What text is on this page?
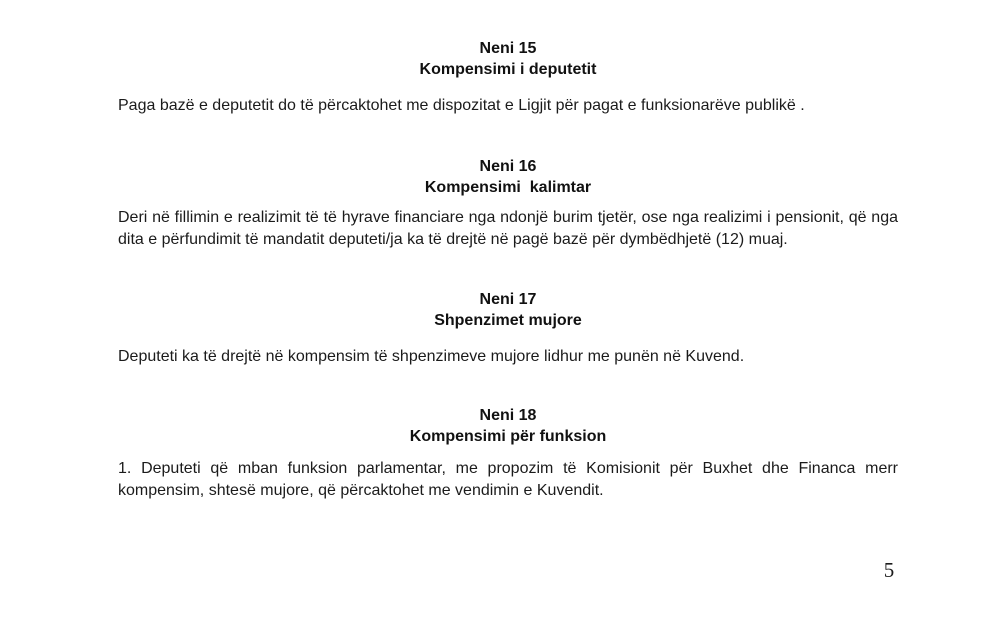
Neni 15
Kompensimi i deputetit

Paga bazë e deputetit do të përcaktohet me dispozitat e Ligjit për pagat e funksionarëve publikë .

Neni 16
Kompensimi  kalimtar

Deri në fillimin e realizimit të të hyrave financiare nga ndonjë burim tjetër, ose nga realizimi i pensionit, që nga dita e përfundimit të mandatit deputeti/ja ka të drejtë në pagë bazë për dymbëdhjetë (12) muaj.

Neni 17
Shpenzimet mujore

Deputeti ka të drejtë në kompensim të shpenzimeve mujore lidhur me punën në Kuvend.

Neni 18
Kompensimi për funksion

1. Deputeti që mban funksion parlamentar, me propozim të Komisionit për Buxhet dhe Financa merr kompensim, shtesë mujore, që përcaktohet me vendimin e Kuvendit.

5
